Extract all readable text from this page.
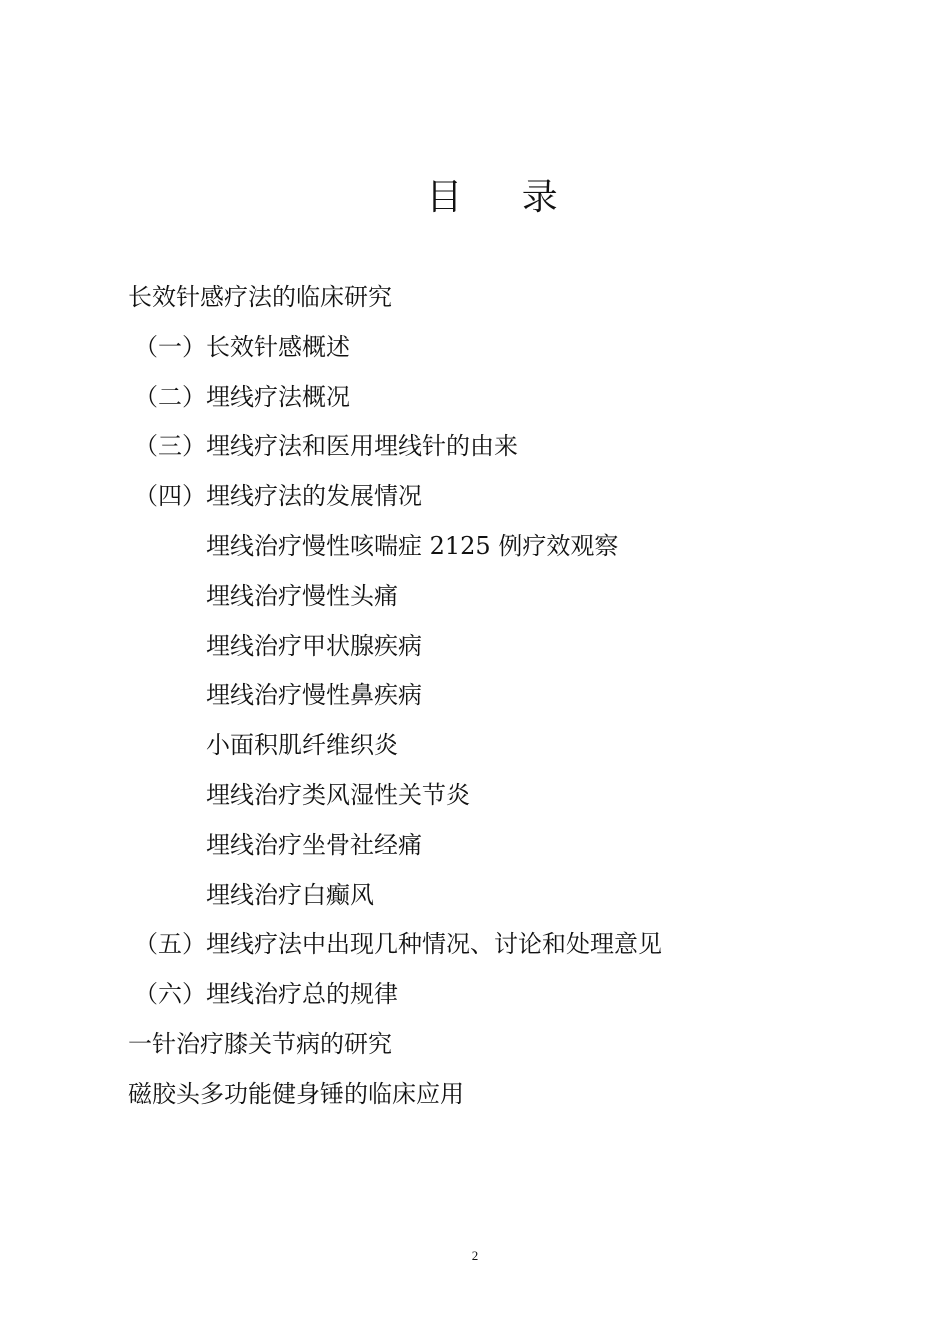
目 录
长效针感疗法的临床研究
（一）长效针感概述
（二）埋线疗法概况
（三）埋线疗法和医用埋线针的由来
（四）埋线疗法的发展情况
埋线治疗慢性咳喘症 2125 例疗效观察
埋线治疗慢性头痛
埋线治疗甲状腺疾病
埋线治疗慢性鼻疾病
小面积肌纤维织炎
埋线治疗类风湿性关节炎
埋线治疗坐骨社经痛
埋线治疗白癫风
（五）埋线疗法中出现几种情况、讨论和处理意见
（六）埋线治疗总的规律
一针治疗膝关节病的研究
磁胶头多功能健身锤的临床应用
2
